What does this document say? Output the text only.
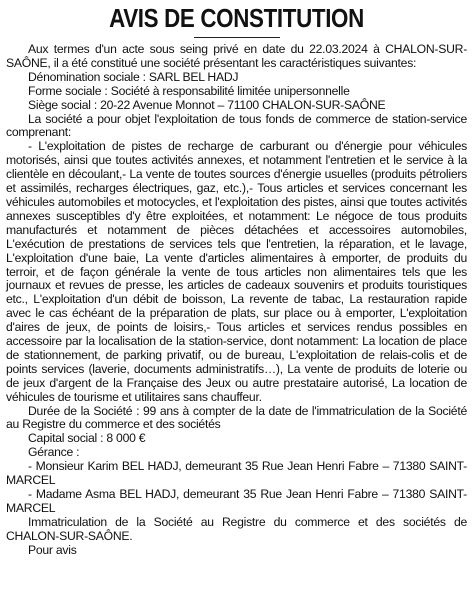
AVIS DE CONSTITUTION

Aux termes d'un acte sous seing privé en date du 22.03.2024 à CHALON-SUR-SAÔNE, il a été constitué une société présentant les caractéristiques suivantes:

Dénomination sociale : SARL BEL HADJ

Forme sociale : Société à responsabilité limitée unipersonnelle

Siège social : 20-22 Avenue Monnot – 71100 CHALON-SUR-SAÔNE

La société a pour objet l'exploitation de tous fonds de commerce de station-service comprenant:

- L'exploitation de pistes de recharge de carburant ou d'énergie pour véhicules motorisés, ainsi que toutes activités annexes, et notamment l'entretien et le service à la clientèle en découlant,- La vente de toutes sources d'énergie usuelles (produits pétroliers et assimilés, recharges électriques, gaz, etc.),- Tous articles et services concernant les véhicules automobiles et motocycles, et l'exploitation des pistes, ainsi que toutes activités annexes susceptibles d'y être exploitées, et notamment: Le négoce de tous produits manufacturés et notamment de pièces détachées et accessoires automobiles, L'exécution de prestations de services tels que l'entretien, la réparation, et le lavage, L'exploitation d'une baie, La vente d'articles alimentaires à emporter, de produits du terroir, et de façon générale la vente de tous articles non alimentaires tels que les journaux et revues de presse, les articles de cadeaux souvenirs et produits touristiques etc., L'exploitation d'un débit de boisson, La revente de tabac, La restauration rapide avec le cas échéant de la préparation de plats, sur place ou à emporter, L'exploitation d'aires de jeux, de points de loisirs,- Tous articles et services rendus possibles en accessoire par la localisation de la station-service, dont notamment: La location de place de stationnement, de parking privatif, ou de bureau, L'exploitation de relais-colis et de points services (laverie, documents administratifs…), La vente de produits de loterie ou de jeux d'argent de la Française des Jeux ou autre prestataire autorisé, La location de véhicules de tourisme et utilitaires sans chauffeur.

Durée de la Société : 99 ans à compter de la date de l'immatriculation de la Société au Registre du commerce et des sociétés

Capital social : 8 000 €

Gérance :

- Monsieur Karim BEL HADJ, demeurant 35 Rue Jean Henri Fabre – 71380 SAINT-MARCEL

- Madame Asma BEL HADJ, demeurant 35 Rue Jean Henri Fabre – 71380 SAINT-MARCEL

Immatriculation de la Société au Registre du commerce et des sociétés de CHALON-SUR-SAÔNE.

Pour avis
